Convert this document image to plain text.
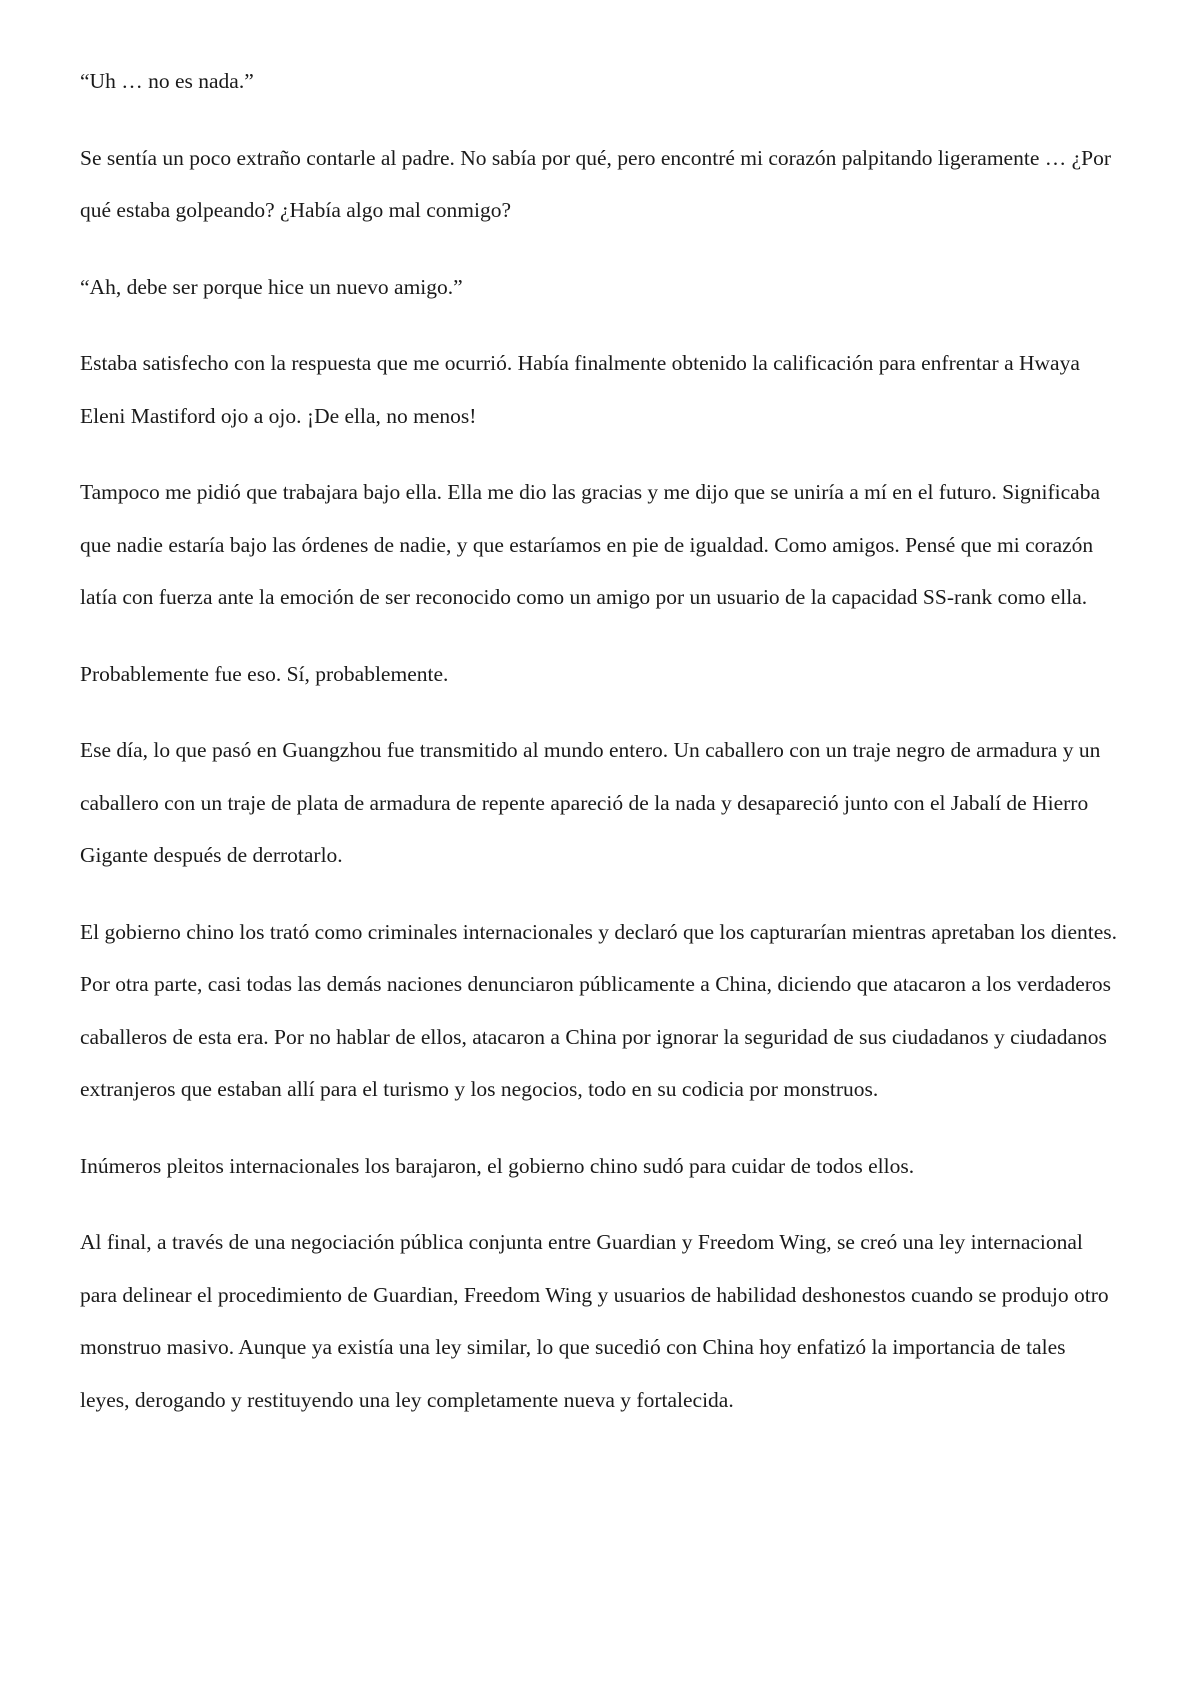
“Uh … no es nada.”

Se sentía un poco extraño contarle al padre. No sabía por qué, pero encontré mi corazón palpitando ligeramente … ¿Por qué estaba golpeando? ¿Había algo mal conmigo?

“Ah, debe ser porque hice un nuevo amigo.”

Estaba satisfecho con la respuesta que me ocurrió. Había finalmente obtenido la calificación para enfrentar a Hwaya Eleni Mastiford ojo a ojo. ¡De ella, no menos!

Tampoco me pidió que trabajara bajo ella. Ella me dio las gracias y me dijo que se uniría a mí en el futuro. Significaba que nadie estaría bajo las órdenes de nadie, y que estaríamos en pie de igualdad. Como amigos. Pensé que mi corazón latía con fuerza ante la emoción de ser reconocido como un amigo por un usuario de la capacidad SS-rank como ella.

Probablemente fue eso. Sí, probablemente.

Ese día, lo que pasó en Guangzhou fue transmitido al mundo entero. Un caballero con un traje negro de armadura y un caballero con un traje de plata de armadura de repente apareció de la nada y desapareció junto con el Jabalí de Hierro Gigante después de derrotarlo.

El gobierno chino los trató como criminales internacionales y declaró que los capturarían mientras apretaban los dientes. Por otra parte, casi todas las demás naciones denunciaron públicamente a China, diciendo que atacaron a los verdaderos caballeros de esta era. Por no hablar de ellos, atacaron a China por ignorar la seguridad de sus ciudadanos y ciudadanos extranjeros que estaban allí para el turismo y los negocios, todo en su codicia por monstruos.

Inúmeros pleitos internacionales los barajaron, el gobierno chino sudó para cuidar de todos ellos.

Al final, a través de una negociación pública conjunta entre Guardian y Freedom Wing, se creó una ley internacional para delinear el procedimiento de Guardian, Freedom Wing y usuarios de habilidad deshonestos cuando se produjo otro monstruo masivo. Aunque ya existía una ley similar, lo que sucedió con China hoy enfatizó la importancia de tales leyes, derogando y restituyendo una ley completamente nueva y fortalecida.
